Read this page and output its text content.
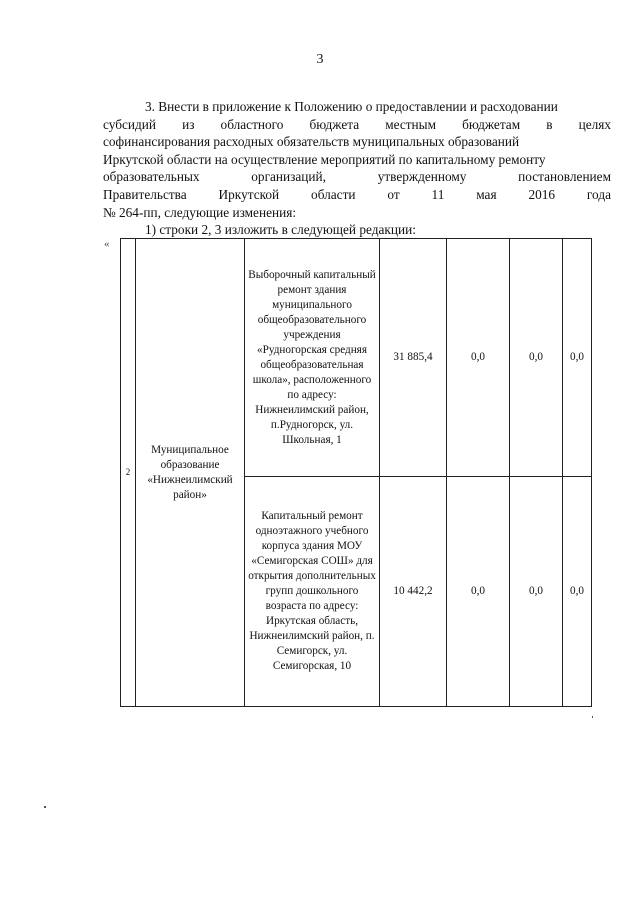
3
3. Внести в приложение к Положению о предоставлении и расходовании
субсидий из областного бюджета местным бюджетам в целях
софинансирования расходных обязательств муниципальных образований
Иркутской области на осуществление мероприятий по капитальному ремонту
образовательных организаций, утвержденному постановлением
Правительства Иркутской области от 11 мая 2016 года
№ 264-пп, следующие изменения:
1) строки 2, 3 изложить в следующей редакции:
«
2	Муниципальное образование «Нижнеилимский район»	Выборочный капитальный ремонт здания муниципального общеобразовательного учреждения «Рудногорская средняя общеобразовательная школа», расположенного по адресу: Нижнеилимский район, п.Рудногорск, ул. Школьная, 1	31 885,4	0,0	0,0	0,0
		Капитальный ремонт одноэтажного учебного корпуса здания МОУ «Семигорская СОШ» для открытия дополнительных групп дошкольного возраста по адресу: Иркутская область, Нижнеилимский район, п. Семигорск, ул. Семигорская, 10	10 442,2	0,0	0,0	0,0
